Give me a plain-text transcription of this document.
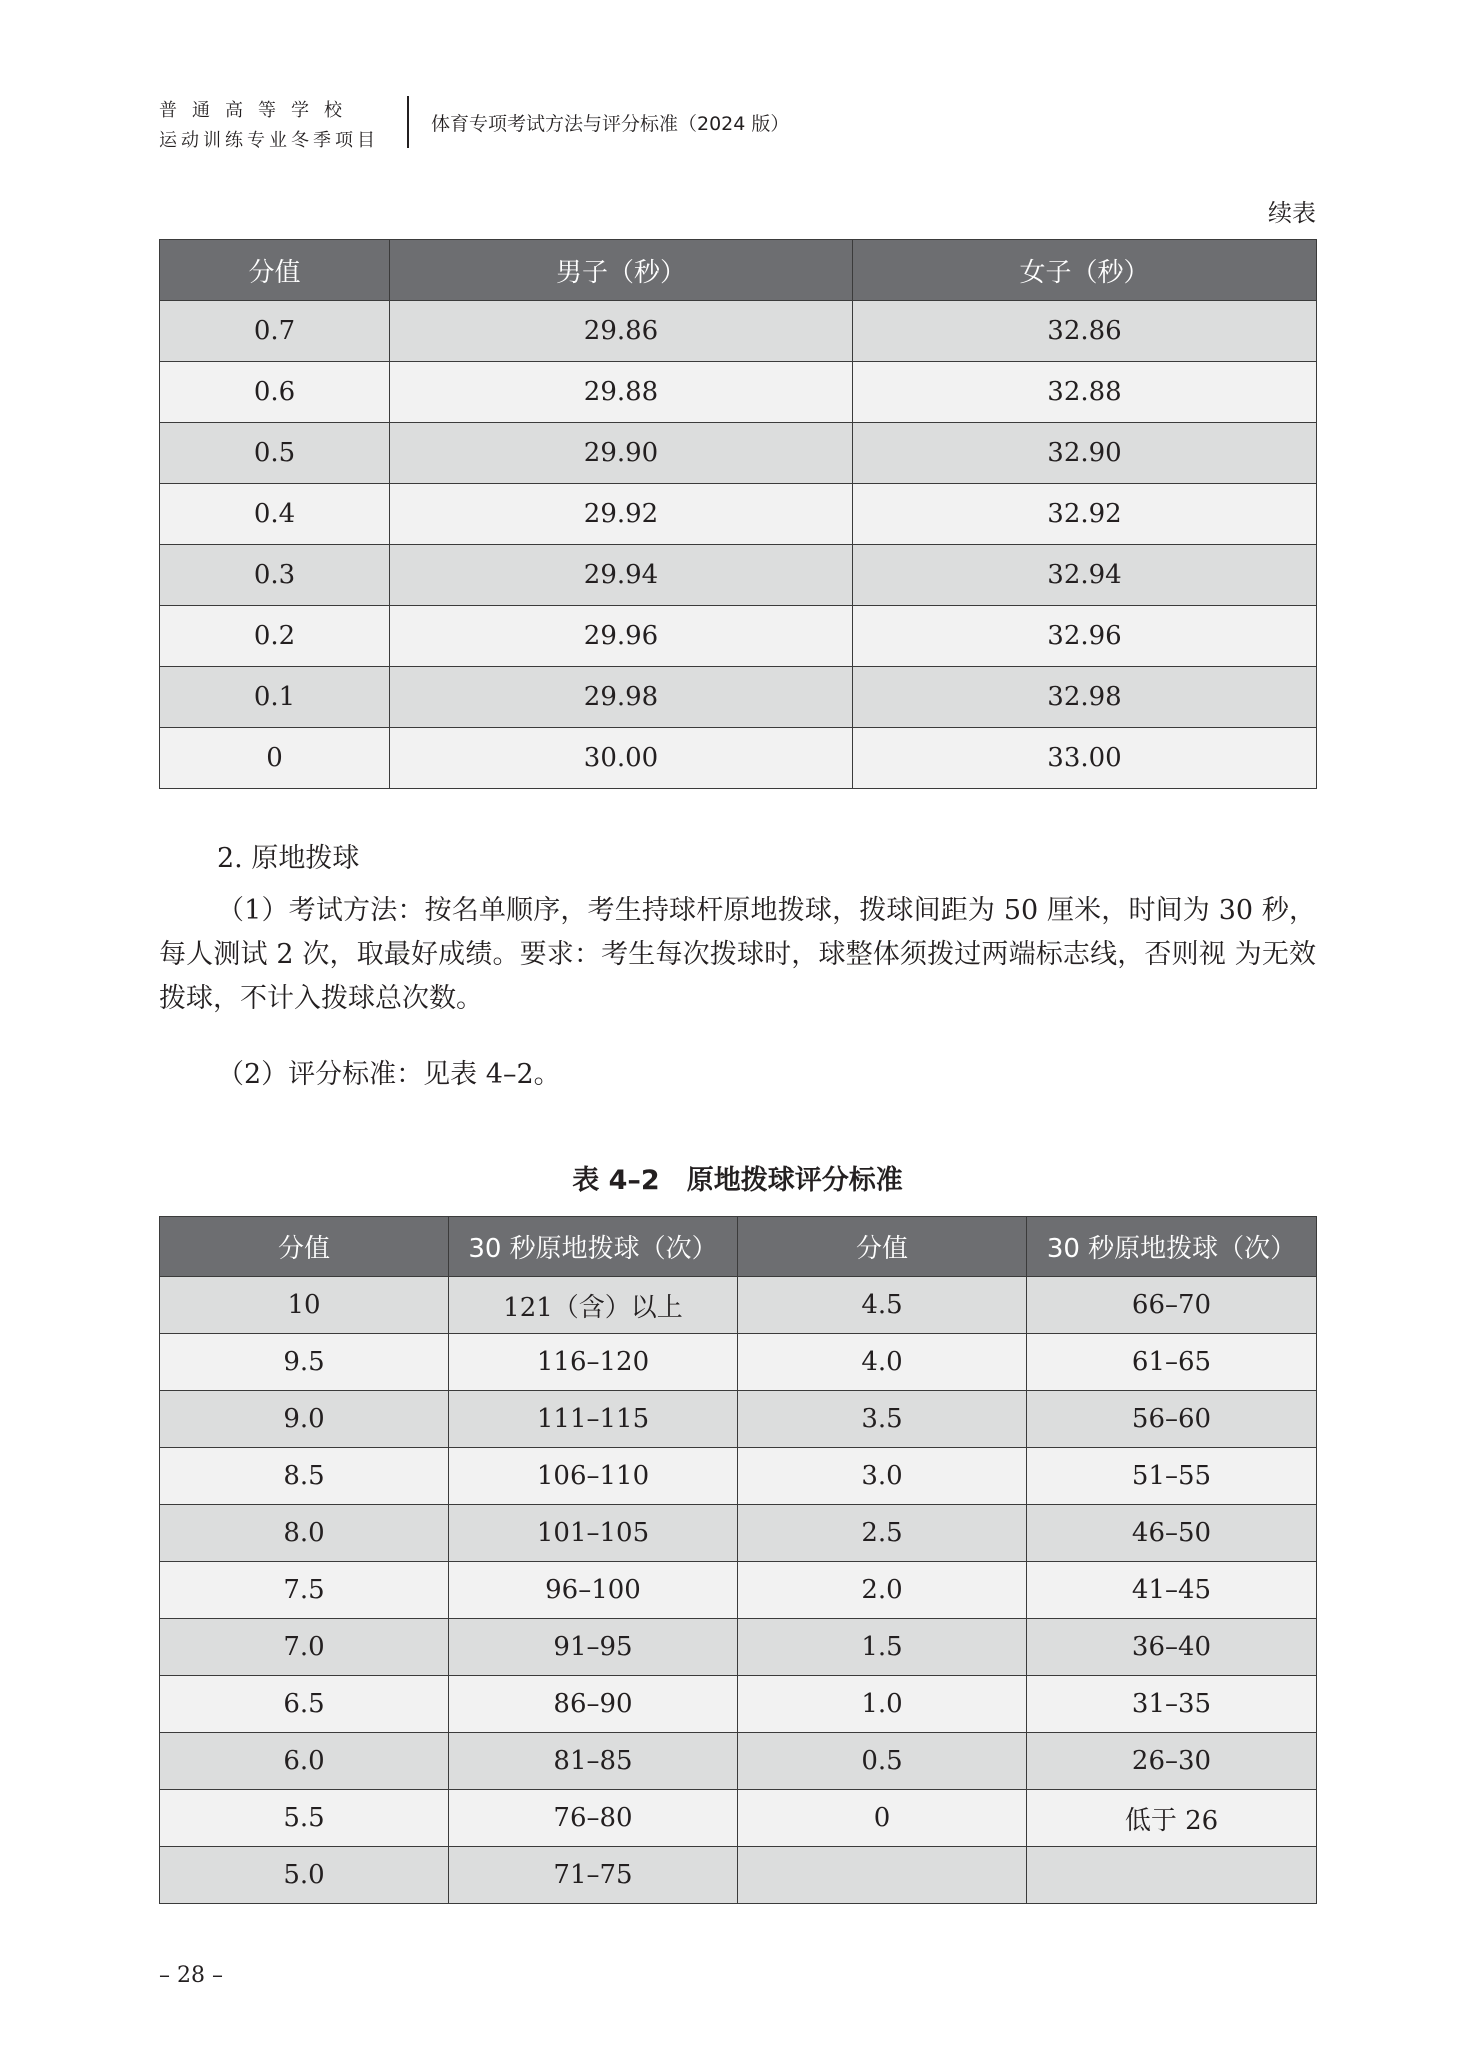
普通高等学校
运动训练专业冬季项目
体育专项考试方法与评分标准（2024 版）
续表
分值	男子（秒）	女子（秒）
0.7	29.86	32.86
0.6	29.88	32.88
0.5	29.90	32.90
0.4	29.92	32.92
0.3	29.94	32.94
0.2	29.96	32.96
0.1	29.98	32.98
0	30.00	33.00
2. 原地拨球
（1）考试方法：按名单顺序，考生持球杆原地拨球，拨球间距为 50 厘米，时间为 30 秒，每人测试 2 次，取最好成绩。要求：考生每次拨球时，球整体须拨过两端标志线，否则视 为无效拨球，不计入拨球总次数。
（2）评分标准：见表 4–2。
表 4–2　原地拨球评分标准
分值	30 秒原地拨球（次）	分值	30 秒原地拨球（次）
10	121（含）以上	4.5	66–70
9.5	116–120	4.0	61–65
9.0	111–115	3.5	56–60
8.5	106–110	3.0	51–55
8.0	101–105	2.5	46–50
7.5	96–100	2.0	41–45
7.0	91–95	1.5	36–40
6.5	86–90	1.0	31–35
6.0	81–85	0.5	26–30
5.5	76–80	0	低于 26
5.0	71–75		
– 28 –
